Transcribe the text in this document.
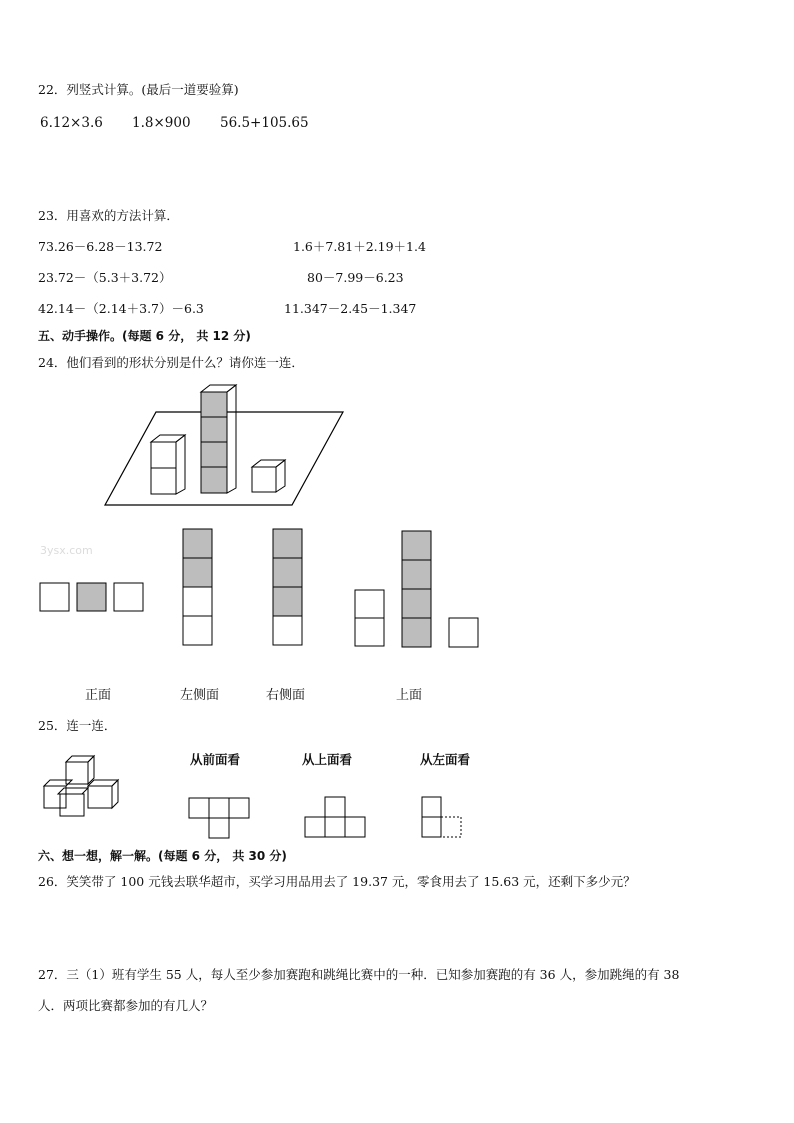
22．列竖式计算。(最后一道要验算)
6.12×3.6 1.8×900 56.5+105.65
23．用喜欢的方法计算．
73.26－6.28－13.72	1.6＋7.81＋2.19＋1.4
23.72－（5.3＋3.72）	80－7.99－6.23
42.14－（2.14＋3.7）－6.3	11.347－2.45－1.347
五、动手操作。(每题 6 分， 共 12 分)
24．他们看到的形状分别是什么？请你连一连．
3ysx.com
正面	左侧面	右侧面	上面
25．连一连．
从前面看	从上面看	从左面看
六、想一想，解一解。(每题 6 分， 共 30 分)
26．笑笑带了 100 元钱去联华超市，买学习用品用去了 19.37 元，零食用去了 15.63 元，还剩下多少元？
27．三（1）班有学生 55 人，每人至少参加赛跑和跳绳比赛中的一种．已知参加赛跑的有 36 人，参加跳绳的有 38
人．两项比赛都参加的有几人？
